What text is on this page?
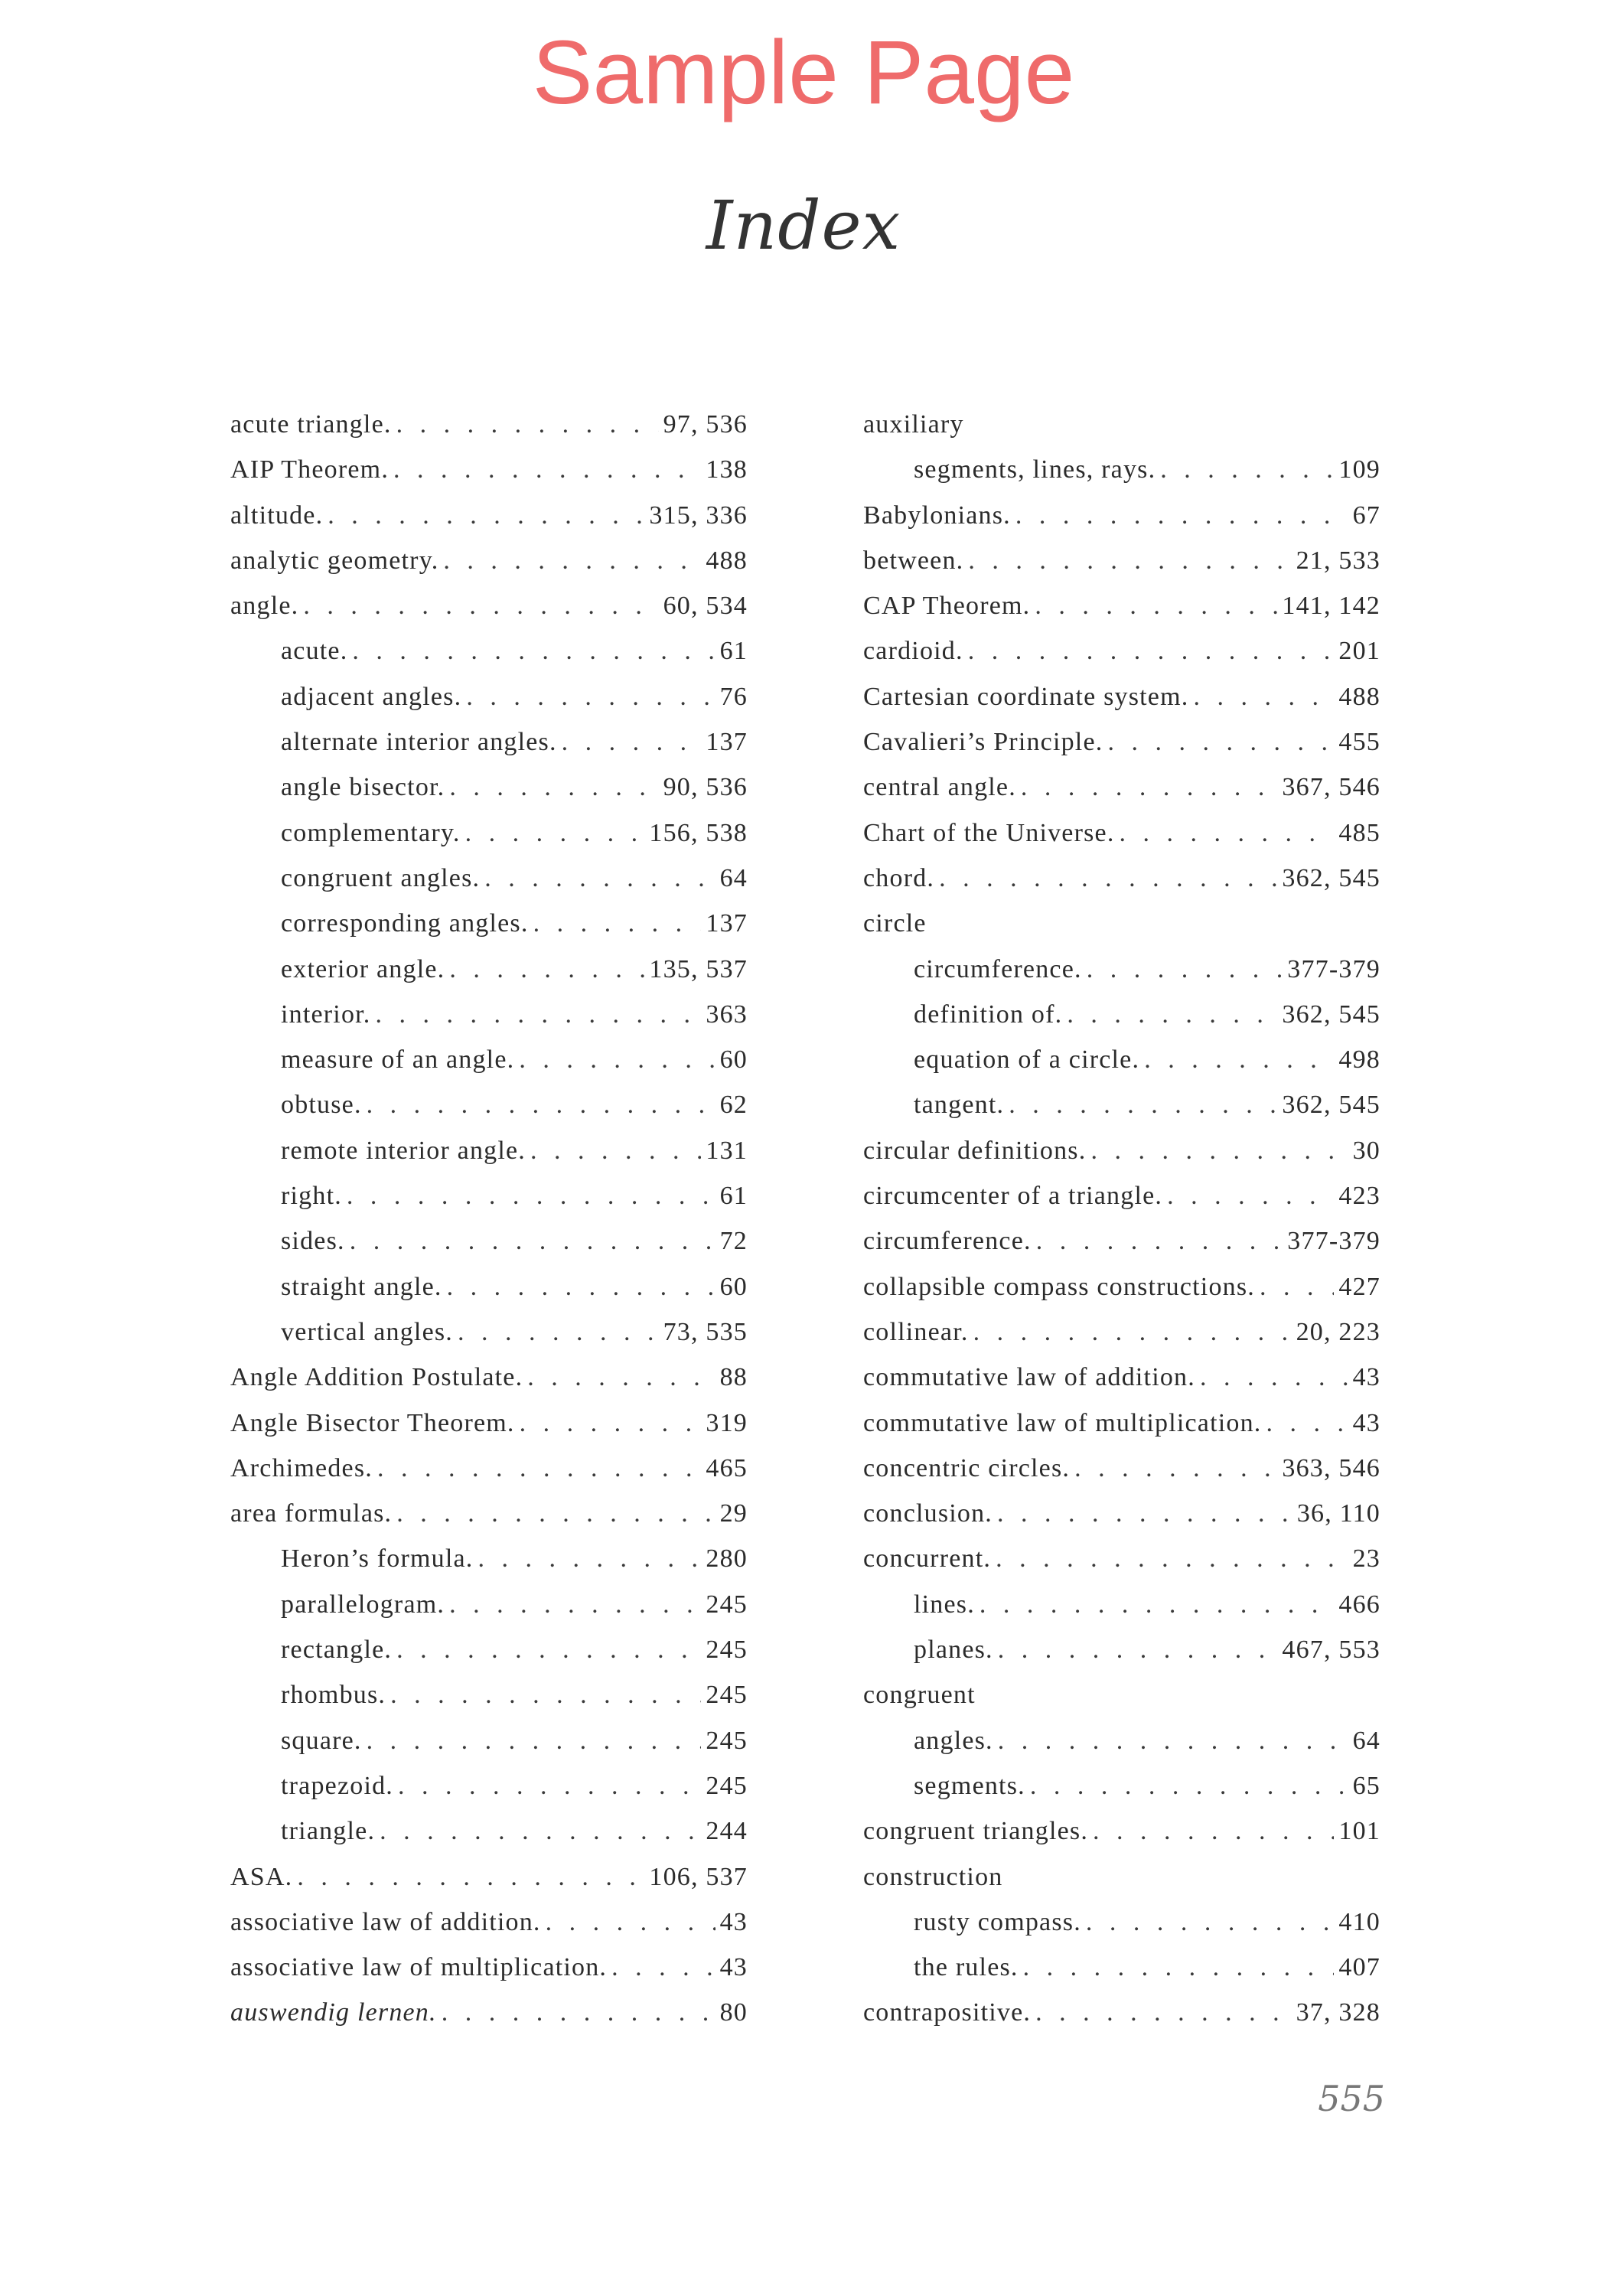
Sample Page
Index
acute triangle. . . .	97, 536
AIP Theorem. . . .	138
altitude. . . .	315, 336
analytic geometry. . . .	488
angle. . . .	60, 534
acute. . . .	61
adjacent angles. . . .	76
alternate interior angles. . . .	137
angle bisector. . . .	90, 536
complementary. . . .	156, 538
congruent angles. . . .	64
corresponding angles. . . .	137
exterior angle. . . .	135, 537
interior. . . .	363
measure of an angle. . . .	60
obtuse. . . .	62
remote interior angle. . . .	131
right. . . .	61
sides. . . .	72
straight angle. . . .	60
vertical angles. . . .	73, 535
Angle Addition Postulate. . . .	88
Angle Bisector Theorem. . . .	319
Archimedes. . . .	465
area formulas. . . .	29
Heron’s formula. . . .	280
parallelogram. . . .	245
rectangle. . . .	245
rhombus. . . .	245
square. . . .	245
trapezoid. . . .	245
triangle. . . .	244
ASA. . . .	106, 537
associative law of addition. . . .	43
associative law of multiplication. . . .	43
auswendig lernen. . . .	80
auxiliary
segments, lines, rays. . . .	109
Babylonians. . . .	67
between. . . .	21, 533
CAP Theorem. . . .	141, 142
cardioid. . . .	201
Cartesian coordinate system. . . .	488
Cavalieri’s Principle. . . .	455
central angle. . . .	367, 546
Chart of the Universe. . . .	485
chord. . . .	362, 545
circle
circumference. . . .	377-379
definition of. . . .	362, 545
equation of a circle. . . .	498
tangent. . . .	362, 545
circular definitions. . . .	30
circumcenter of a triangle. . . .	423
circumference. . . .	377-379
collapsible compass constructions. . . .	427
collinear. . . .	20, 223
commutative law of addition. . . .	43
commutative law of multiplication. . . .	43
concentric circles. . . .	363, 546
conclusion. . . .	36, 110
concurrent. . . .	23
lines. . . .	466
planes. . . .	467, 553
congruent
angles. . . .	64
segments. . . .	65
congruent triangles. . . .	101
construction
rusty compass. . . .	410
the rules. . . .	407
contrapositive. . . .	37, 328
555
